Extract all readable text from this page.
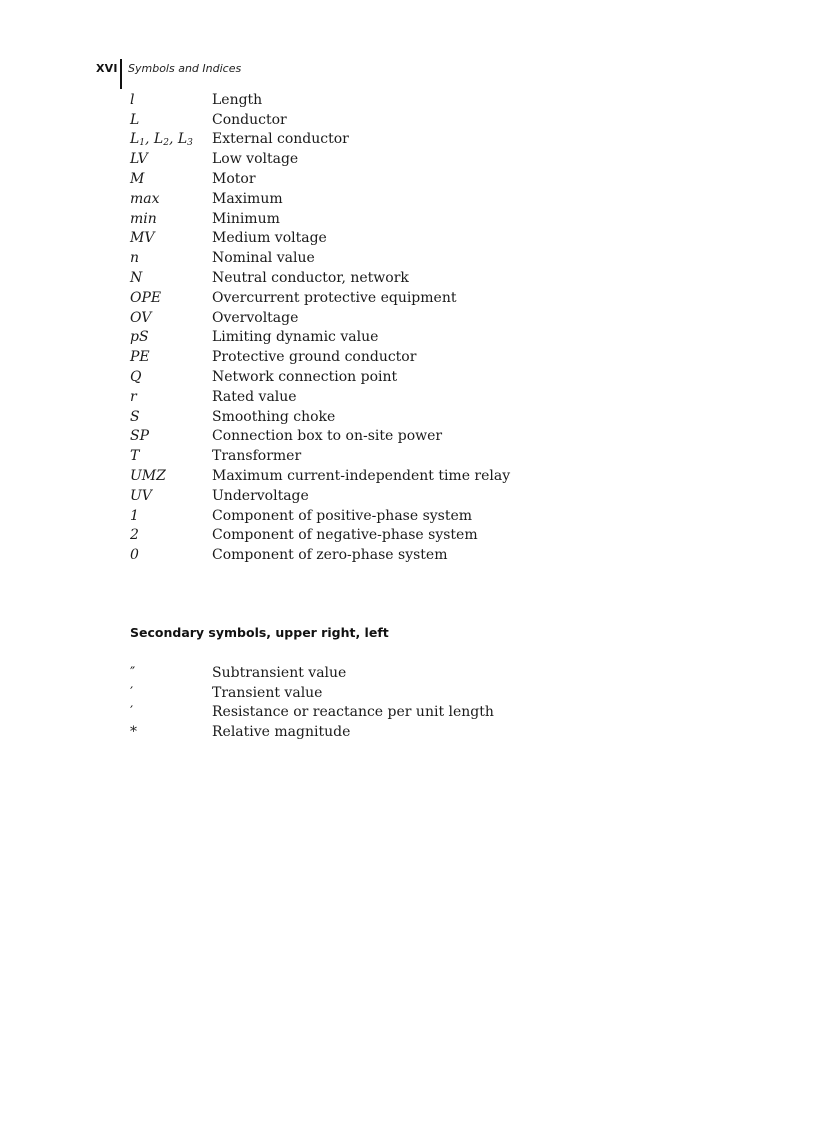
XVI Symbols and Indices
l	Length
L	Conductor
$L_1$, $L_2$, $L_3$	External conductor
LV	Low voltage
M	Motor
max	Maximum
min	Minimum
MV	Medium voltage
n	Nominal value
N	Neutral conductor, network
OPE	Overcurrent protective equipment
OV	Overvoltage
pS	Limiting dynamic value
PE	Protective ground conductor
Q	Network connection point
r	Rated value
S	Smoothing choke
SP	Connection box to on-site power
T	Transformer
UMZ	Maximum current-independent time relay
UV	Undervoltage
1	Component of positive-phase system
2	Component of negative-phase system
0	Component of zero-phase system
Secondary symbols, upper right, left
″	Subtransient value
′	Transient value
′	Resistance or reactance per unit length
*	Relative magnitude
